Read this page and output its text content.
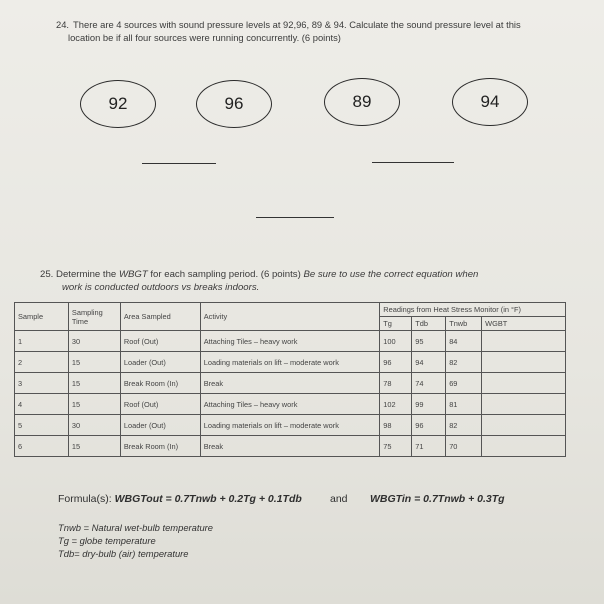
24. There are 4 sources with sound pressure levels at 92,96, 89 & 94. Calculate the sound pressure level at this
location be if all four sources were running concurrently. (6 points)
92	96	89	94
25. Determine the WBGT for each sampling period. (6 points) Be sure to use the correct equation when
work is conducted outdoors vs breaks indoors.
Sample	Sampling Time	Area Sampled	Activity	Readings from Heat Stress Monitor (in °F)			
				Tg	Tdb	Tnwb	WGBT
1	30	Roof (Out)	Attaching Tiles – heavy work	100	95	84	
2	15	Loader (Out)	Loading materials on lift – moderate work	96	94	82	
3	15	Break Room (In)	Break	78	74	69	
4	15	Roof (Out)	Attaching Tiles – heavy work	102	99	81	
5	30	Loader (Out)	Loading materials on lift – moderate work	98	96	82	
6	15	Break Room (In)	Break	75	71	70	
Formula(s): WBGTout = 0.7Tnwb + 0.2Tg + 0.1Tdb	and WBGTin = 0.7Tnwb + 0.3Tg
Tnwb = Natural wet-bulb temperature
Tg = globe temperature
Tdb= dry-bulb (air) temperature
